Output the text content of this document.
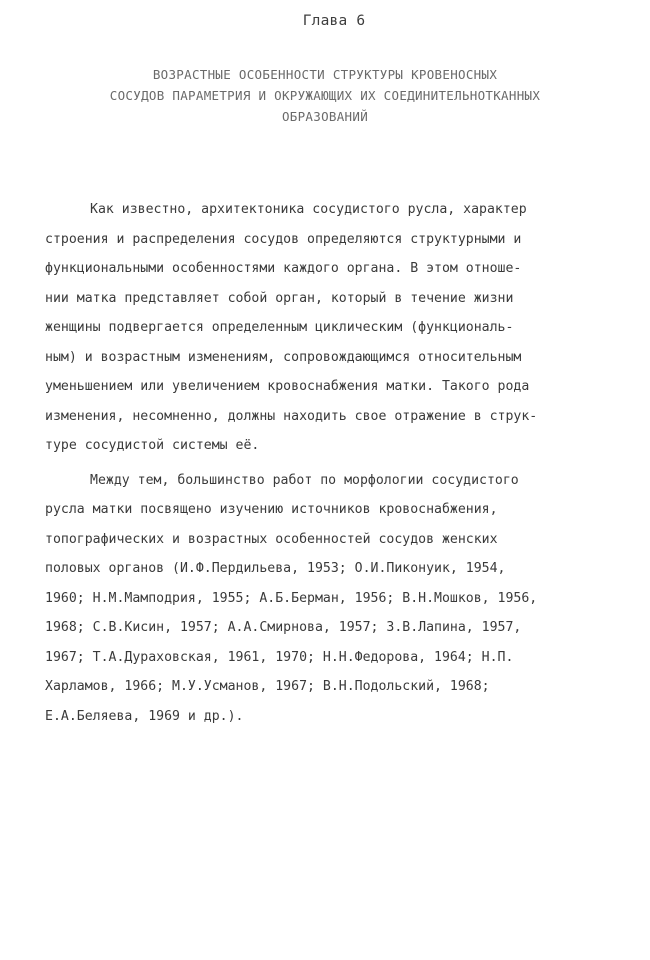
Глава 6
ВОЗРАСТНЫЕ ОСОБЕННОСТИ СТРУКТУРЫ КРОВЕНОСНЫХ
СОСУДОВ ПАРАМЕТРИЯ И ОКРУЖАЮЩИХ ИХ СОЕДИНИТЕЛЬНОТКАННЫХ
ОБРАЗОВАНИЙ
Как известно, архитектоника сосудистого русла, характер
строения и распределения сосудов определяются структурными и
функциональными особенностями каждого органа. В этом отноше-
нии матка представляет собой орган, который в течение жизни
женщины подвергается определенным циклическим (функциональ-
ным) и возрастным изменениям, сопровождающимся относительным
уменьшением или увеличением кровоснабжения матки. Такого рода
изменения, несомненно, должны находить свое отражение в струк-
туре сосудистой системы её.
Между тем, большинство работ по морфологии сосудистого
русла матки посвящено изучению источников кровоснабжения,
топографических и возрастных особенностей сосудов женских
половых органов (И.Ф.Пердильева, 1953; О.И.Пиконуик, 1954,
1960; Н.М.Мамподрия, 1955; А.Б.Берман, 1956; В.Н.Мошков, 1956,
1968; С.В.Кисин, 1957; А.А.Смирнова, 1957; З.В.Лапина, 1957,
1967; Т.А.Дураховская, 1961, 1970; Н.Н.Федорова, 1964; Н.П.
Харламов, 1966; М.У.Усманов, 1967; В.Н.Подольский, 1968;
Е.А.Беляева, 1969 и др.).
